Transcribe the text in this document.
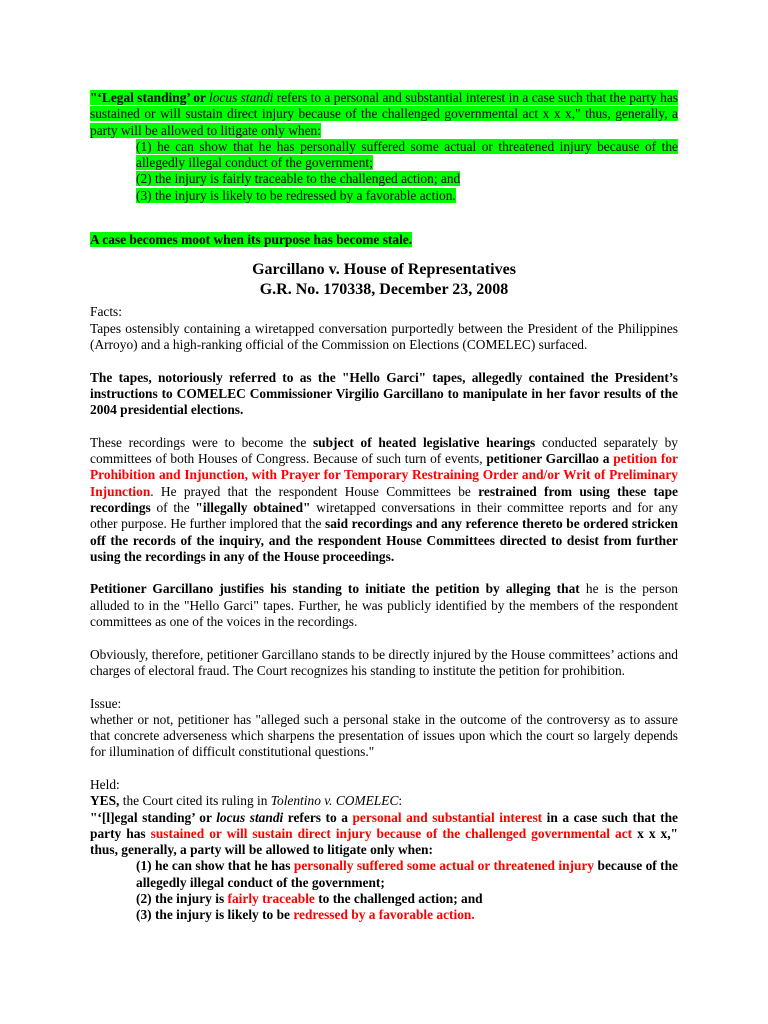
"‘Legal standing’ or locus standi refers to a personal and substantial interest in a case such that the party has sustained or will sustain direct injury because of the challenged governmental act x x x," thus, generally, a party will be allowed to litigate only when:

(1) he can show that he has personally suffered some actual or threatened injury because of the allegedly illegal conduct of the government;

(2) the injury is fairly traceable to the challenged action; and

(3) the injury is likely to be redressed by a favorable action.

A case becomes moot when its purpose has become stale.

Garcillano v. House of Representatives

G.R. No. 170338, December 23, 2008

Facts:

Tapes ostensibly containing a wiretapped conversation purportedly between the President of the Philippines (Arroyo) and a high-ranking official of the Commission on Elections (COMELEC) surfaced.

The tapes, notoriously referred to as the "Hello Garci" tapes, allegedly contained the President’s instructions to COMELEC Commissioner Virgilio Garcillano to manipulate in her favor results of the 2004 presidential elections.

These recordings were to become the subject of heated legislative hearings conducted separately by committees of both Houses of Congress. Because of such turn of events, petitioner Garcillao a petition for Prohibition and Injunction, with Prayer for Temporary Restraining Order and/or Writ of Preliminary Injunction. He prayed that the respondent House Committees be restrained from using these tape recordings of the "illegally obtained" wiretapped conversations in their committee reports and for any other purpose. He further implored that the said recordings and any reference thereto be ordered stricken off the records of the inquiry, and the respondent House Committees directed to desist from further using the recordings in any of the House proceedings.

Petitioner Garcillano justifies his standing to initiate the petition by alleging that he is the person alluded to in the "Hello Garci" tapes. Further, he was publicly identified by the members of the respondent committees as one of the voices in the recordings.

Obviously, therefore, petitioner Garcillano stands to be directly injured by the House committees’ actions and charges of electoral fraud. The Court recognizes his standing to institute the petition for prohibition.

Issue:

whether or not, petitioner has "alleged such a personal stake in the outcome of the controversy as to assure that concrete adverseness which sharpens the presentation of issues upon which the court so largely depends for illumination of difficult constitutional questions."

Held:

YES, the Court cited its ruling in Tolentino v. COMELEC:

"‘[l]egal standing’ or locus standi refers to a personal and substantial interest in a case such that the party has sustained or will sustain direct injury because of the challenged governmental act x x x," thus, generally, a party will be allowed to litigate only when:

(1) he can show that he has personally suffered some actual or threatened injury because of the allegedly illegal conduct of the government;

(2) the injury is fairly traceable to the challenged action; and

(3) the injury is likely to be redressed by a favorable action.
